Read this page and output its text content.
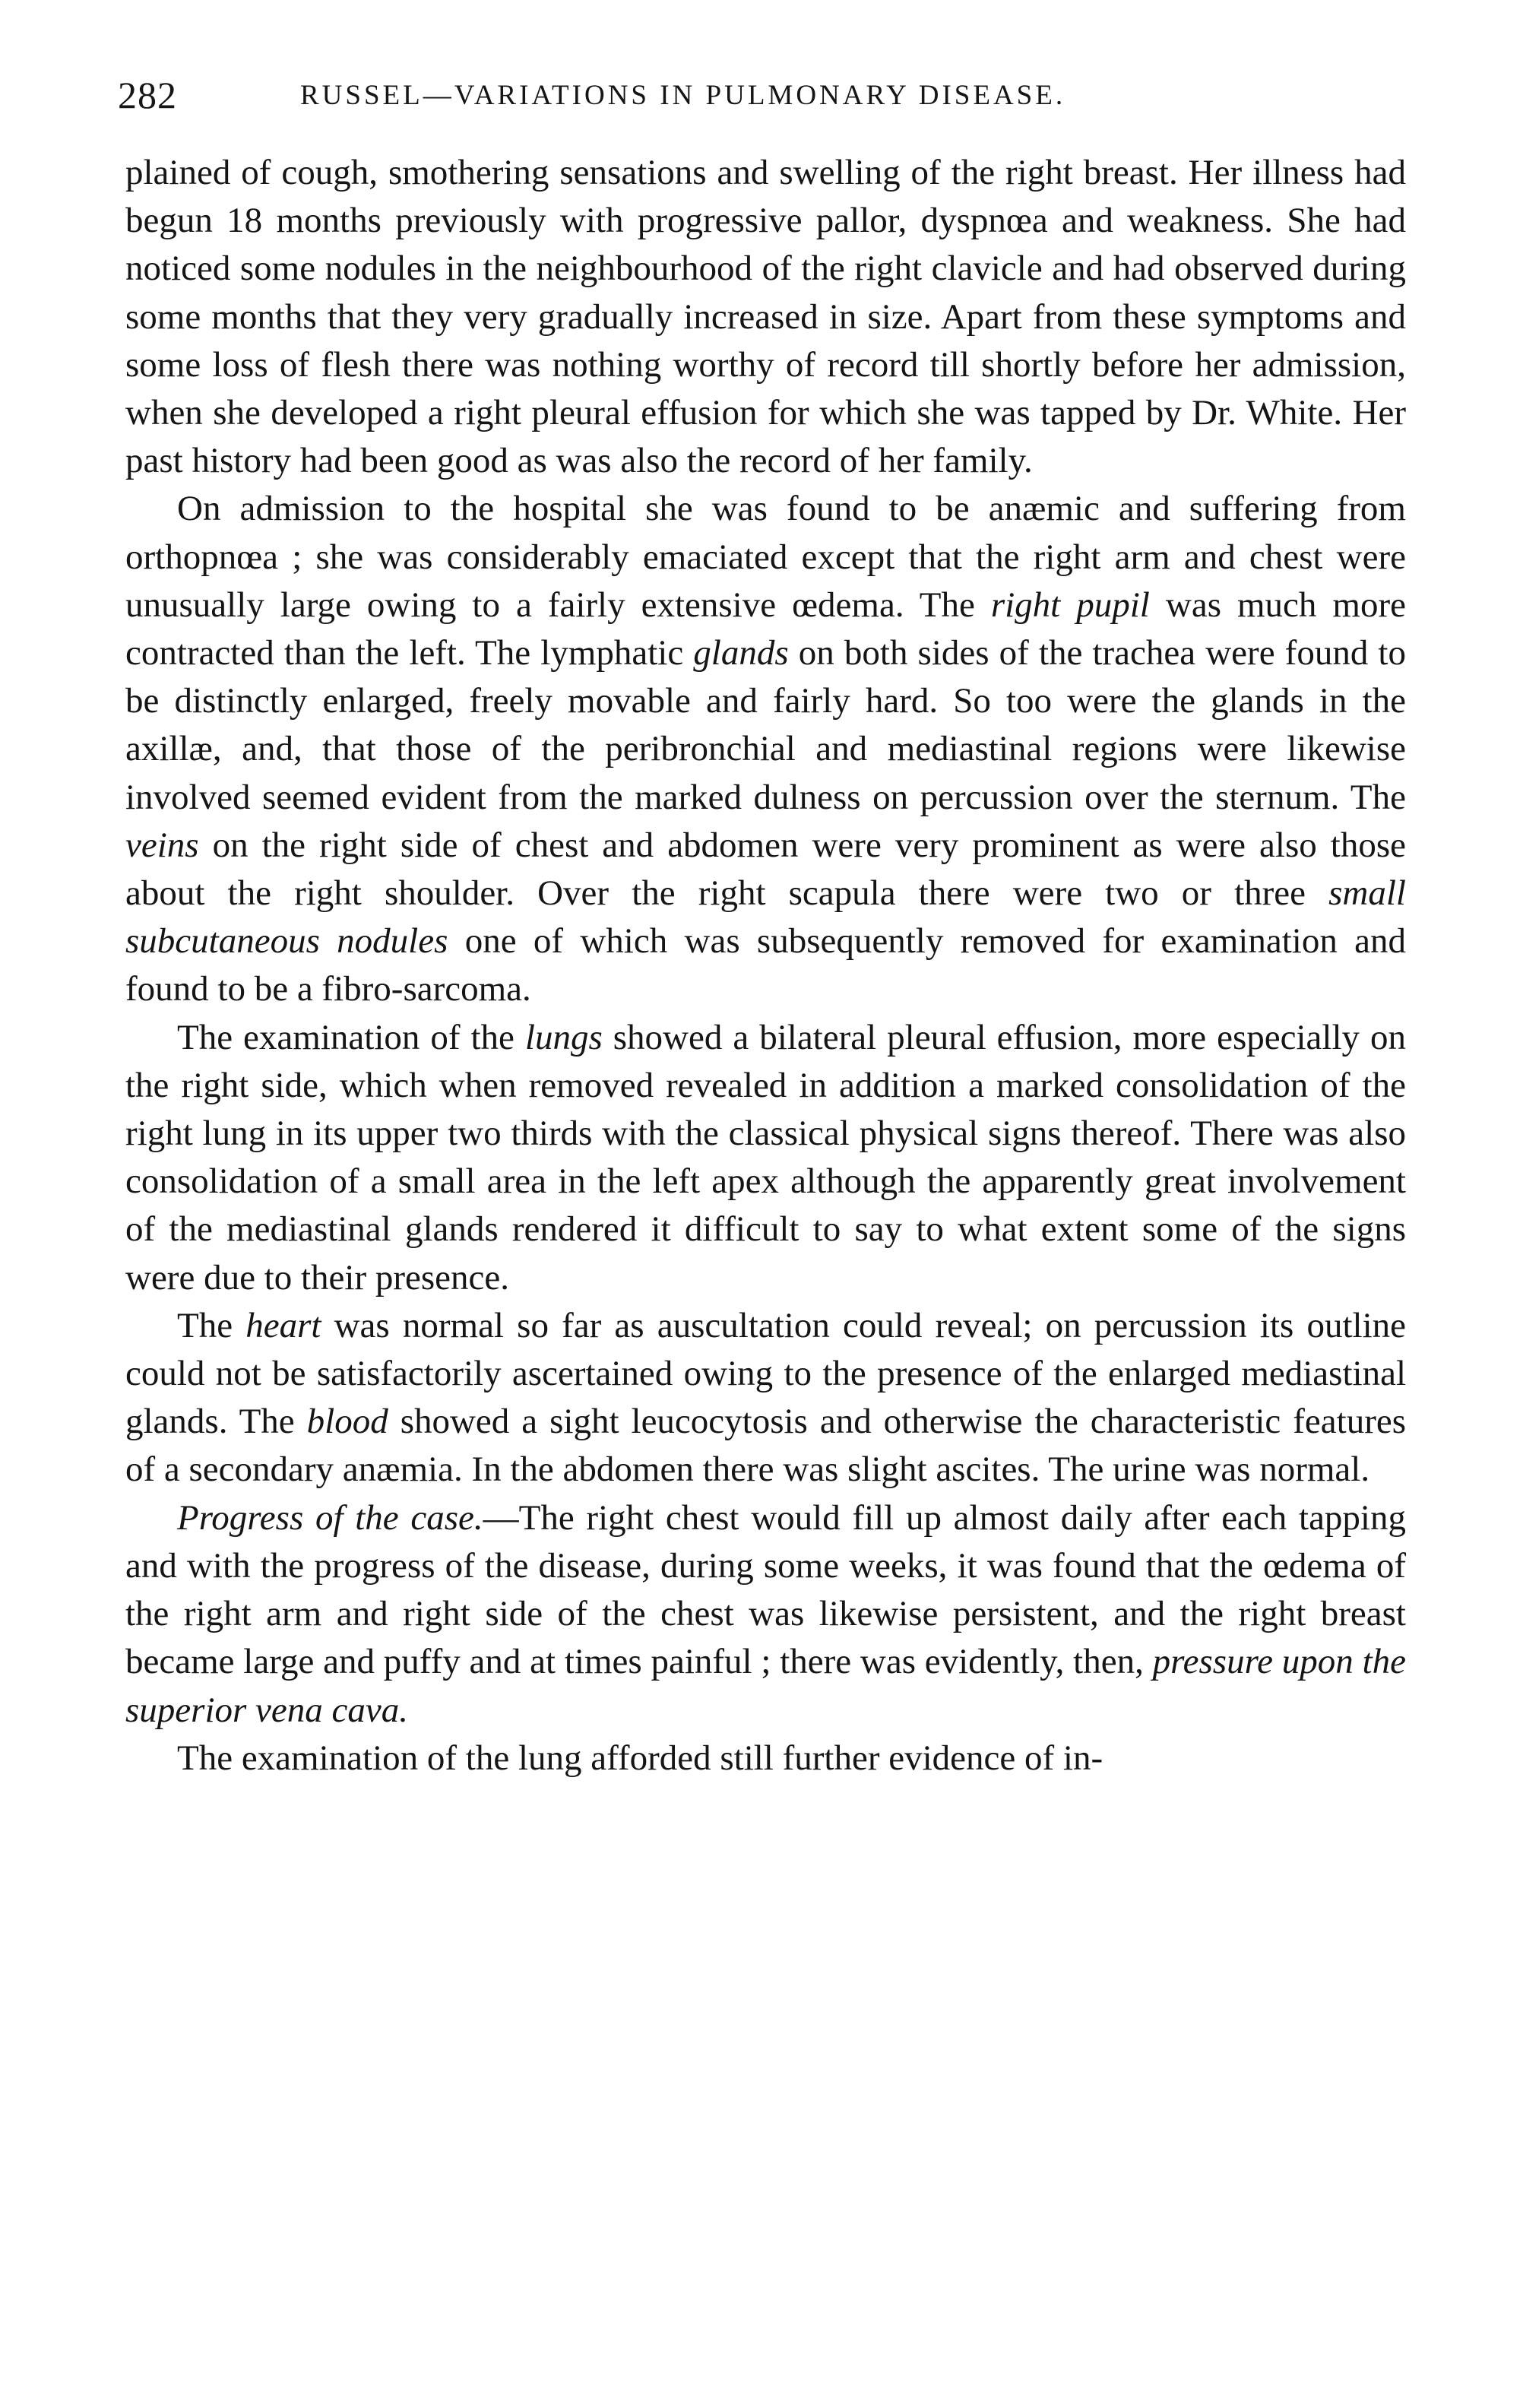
282	RUSSEL—VARIATIONS IN PULMONARY DISEASE.

plained of cough, smothering sensations and swelling of the right breast. Her illness had begun 18 months previously with progressive pallor, dyspnœa and weakness. She had noticed some nodules in the neighbourhood of the right clavicle and had observed during some months that they very gradually increased in size. Apart from these symptoms and some loss of flesh there was nothing worthy of record till shortly before her admission, when she developed a right pleural effusion for which she was tapped by Dr. White. Her past history had been good as was also the record of her family.

On admission to the hospital she was found to be anæmic and suffering from orthopnœa ; she was considerably emaciated except that the right arm and chest were unusually large owing to a fairly extensive œdema. The right pupil was much more contracted than the left. The lymphatic glands on both sides of the trachea were found to be distinctly enlarged, freely movable and fairly hard. So too were the glands in the axillæ, and, that those of the peribronchial and mediastinal regions were likewise involved seemed evident from the marked dulness on percussion over the sternum. The veins on the right side of chest and abdomen were very prominent as were also those about the right shoulder. Over the right scapula there were two or three small subcutaneous nodules one of which was subsequently removed for examination and found to be a fibro-sarcoma.

The examination of the lungs showed a bilateral pleural effusion, more especially on the right side, which when removed revealed in addition a marked consolidation of the right lung in its upper two thirds with the classical physical signs thereof. There was also consolidation of a small area in the left apex although the apparently great involvement of the mediastinal glands rendered it difficult to say to what extent some of the signs were due to their presence.

The heart was normal so far as auscultation could reveal; on percussion its outline could not be satisfactorily ascertained owing to the presence of the enlarged mediastinal glands. The blood showed a sight leucocytosis and otherwise the characteristic features of a secondary anæmia. In the abdomen there was slight ascites. The urine was normal.

Progress of the case.—The right chest would fill up almost daily after each tapping and with the progress of the disease, during some weeks, it was found that the œdema of the right arm and right side of the chest was likewise persistent, and the right breast became large and puffy and at times painful ; there was evidently, then, pressure upon the superior vena cava.

The examination of the lung afforded still further evidence of in-
